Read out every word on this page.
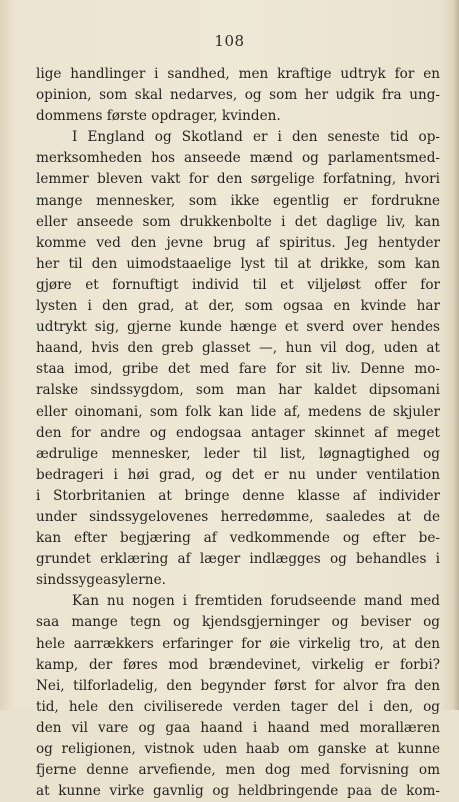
108
lige handlinger i sandhed, men kraftige udtryk for en
opinion, som skal nedarves, og som her udgik fra ung-
dommens første opdrager, kvinden.
I England og Skotland er i den seneste tid op-
merksomheden hos anseede mænd og parlamentsmed-
lemmer bleven vakt for den sørgelige forfatning, hvori
mange mennesker, som ikke egentlig er fordrukne
eller anseede som drukkenbolte i det daglige liv, kan
komme ved den jevne brug af spiritus. Jeg hentyder
her til den uimodstaaelige lyst til at drikke, som kan
gjøre et fornuftigt individ til et viljeløst offer for
lysten i den grad, at der, som ogsaa en kvinde har
udtrykt sig, gjerne kunde hænge et sverd over hendes
haand, hvis den greb glasset —, hun vil dog, uden at
staa imod, gribe det med fare for sit liv. Denne mo-
ralske sindssygdom, som man har kaldet dipsomani
eller oinomani, som folk kan lide af, medens de skjuler
den for andre og endogsaa antager skinnet af meget
ædrulige mennesker, leder til list, løgnagtighed og
bedrageri i høi grad, og det er nu under ventilation
i Storbritanien at bringe denne klasse af individer
under sindssygelovenes herredømme, saaledes at de
kan efter begjæring af vedkommende og efter be-
grundet erklæring af læger indlægges og behandles i
sindssygeasylerne.
Kan nu nogen i fremtiden forudseende mand med
saa mange tegn og kjendsgjerninger og beviser og
hele aarrækkers erfaringer for øie virkelig tro, at den
kamp, der føres mod brændevinet, virkelig er forbi?
Nei, tilforladelig, den begynder først for alvor fra den
tid, hele den civiliserede verden tager del i den, og
den vil vare og gaa haand i haand med morallæren
og religionen, vistnok uden haab om ganske at kunne
fjerne denne arvefiende, men dog med forvisning om
at kunne virke gavnlig og heldbringende paa de kom-
